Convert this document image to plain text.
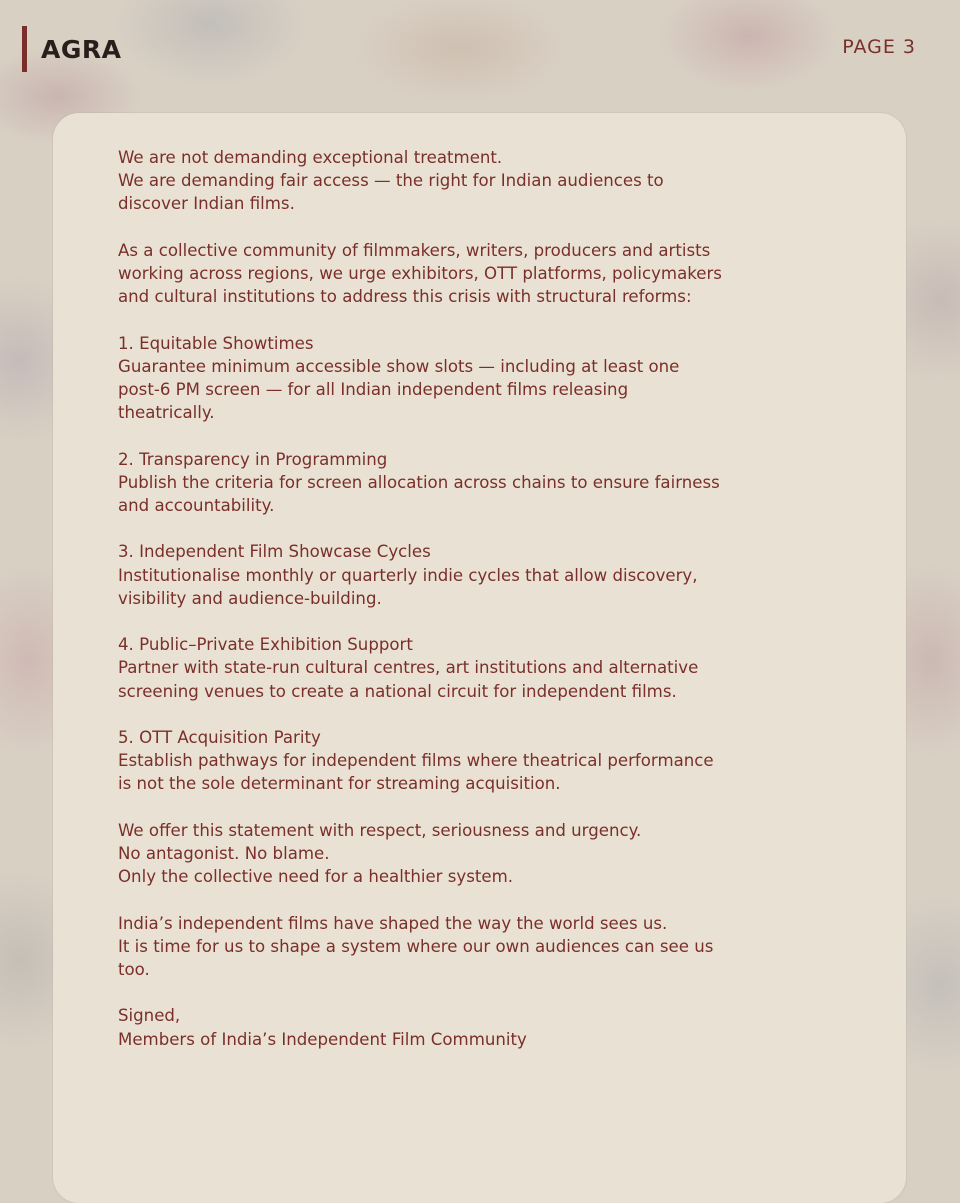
AGRA	PAGE 3
We are not demanding exceptional treatment.
We are demanding fair access — the right for Indian audiences to
discover Indian films.
As a collective community of filmmakers, writers, producers and artists
working across regions, we urge exhibitors, OTT platforms, policymakers
and cultural institutions to address this crisis with structural reforms:
1. Equitable Showtimes
Guarantee minimum accessible show slots — including at least one
post-6 PM screen — for all Indian independent films releasing
theatrically.
2. Transparency in Programming
Publish the criteria for screen allocation across chains to ensure fairness
and accountability.
3. Independent Film Showcase Cycles
Institutionalise monthly or quarterly indie cycles that allow discovery,
visibility and audience-building.
4. Public–Private Exhibition Support
Partner with state-run cultural centres, art institutions and alternative
screening venues to create a national circuit for independent films.
5. OTT Acquisition Parity
Establish pathways for independent films where theatrical performance
is not the sole determinant for streaming acquisition.
We offer this statement with respect, seriousness and urgency.
No antagonist. No blame.
Only the collective need for a healthier system.
India’s independent films have shaped the way the world sees us.
It is time for us to shape a system where our own audiences can see us
too.
Signed,
Members of India’s Independent Film Community
